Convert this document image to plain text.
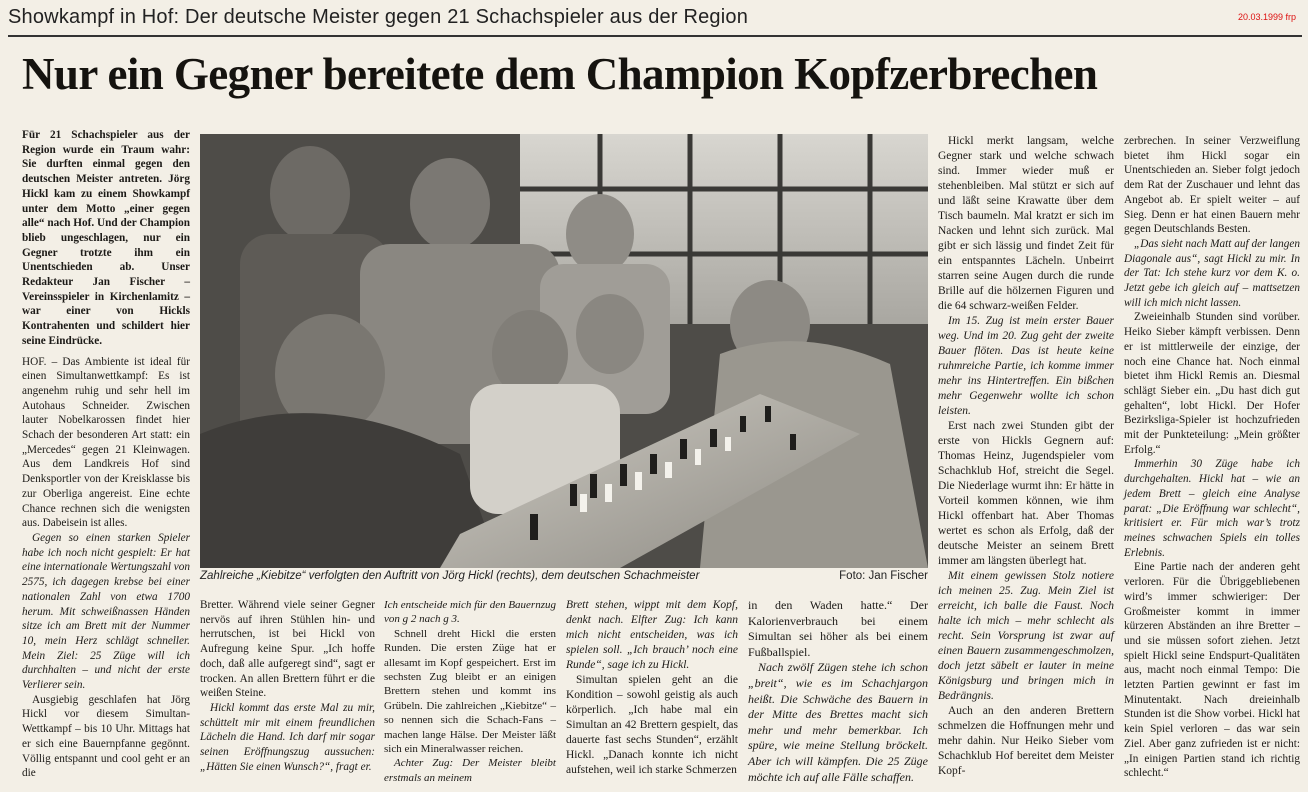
Showkampf in Hof: Der deutsche Meister gegen 21 Schachspieler aus der Region	20.03.1999 frp
Nur ein Gegner bereitete dem Champion Kopfzerbrechen

Für 21 Schachspieler aus der Region wurde ein Traum wahr: Sie durften einmal gegen den deutschen Meister antreten. Jörg Hickl kam zu einem Showkampf unter dem Motto „einer gegen alle“ nach Hof. Und der Champion blieb ungeschlagen, nur ein Gegner trotzte ihm ein Unentschieden ab. Unser Redakteur Jan Fischer – Vereinsspieler in Kirchenlamitz – war einer von Hickls Kontrahenten und schildert hier seine Eindrücke.

HOF. – Das Ambiente ist ideal für einen Simultanwettkampf: Es ist angenehm ruhig und sehr hell im Autohaus Schneider. Zwischen lauter Nobelkarossen findet hier Schach der besonderen Art statt: ein „Mercedes“ gegen 21 Kleinwagen. Aus dem Landkreis Hof sind Denksportler von der Kreisklasse bis zur Oberliga angereist. Eine echte Chance rechnen sich die wenigsten aus. Dabeisein ist alles.

Gegen so einen starken Spieler habe ich noch nicht gespielt: Er hat eine internationale Wertungszahl von 2575, ich dagegen krebse bei einer nationalen Zahl von etwa 1700 herum. Mit schweißnassen Händen sitze ich am Brett mit der Nummer 10, mein Herz schlägt schneller. Mein Ziel: 25 Züge will ich durchhalten – und nicht der erste Verlierer sein.

Ausgiebig geschlafen hat Jörg Hickl vor diesem Simultan-Wettkampf – bis 10 Uhr. Mittags hat er sich eine Bauernpfanne gegönnt. Völlig entspannt und cool geht er an die

Zahlreiche „Kiebitze“ verfolgten den Auftritt von Jörg Hickl (rechts), dem deutschen Schachmeister	Foto: Jan Fischer

Bretter. Während viele seiner Gegner nervös auf ihren Stühlen hin- und herrutschen, ist bei Hickl von Aufregung keine Spur. „Ich hoffe doch, daß alle aufgeregt sind“, sagt er trocken. An allen Brettern führt er die weißen Steine.

Hickl kommt das erste Mal zu mir, schüttelt mir mit einem freundlichen Lächeln die Hand. Ich darf mir sogar seinen Eröffnungszug aussuchen: „Hätten Sie einen Wunsch?“, fragt er.

Ich entscheide mich für den Bauernzug von g 2 nach g 3.

Schnell dreht Hickl die ersten Runden. Die ersten Züge hat er allesamt im Kopf gespeichert. Erst im sechsten Zug bleibt er an einigen Brettern stehen und kommt ins Grübeln. Die zahlreichen „Kiebitze“ – so nennen sich die Schach-Fans – machen lange Hälse. Der Meister läßt sich ein Mineralwasser reichen.

Achter Zug: Der Meister bleibt erstmals an meinem

Brett stehen, wippt mit dem Kopf, denkt nach. Elfter Zug: Ich kann mich nicht entscheiden, was ich spielen soll. „Ich brauch’ noch eine Runde“, sage ich zu Hickl.

Simultan spielen geht an die Kondition – sowohl geistig als auch körperlich. „Ich habe mal ein Simultan an 42 Brettern gespielt, das dauerte fast sechs Stunden“, erzählt Hickl. „Danach konnte ich nicht aufstehen, weil ich starke Schmerzen

in den Waden hatte.“ Der Kalorienverbrauch bei einem Simultan sei höher als bei einem Fußballspiel.

Nach zwölf Zügen stehe ich schon „breit“, wie es im Schachjargon heißt. Die Schwäche des Bauern in der Mitte des Brettes macht sich mehr und mehr bemerkbar. Ich spüre, wie meine Stellung bröckelt. Aber ich will kämpfen. Die 25 Züge möchte ich auf alle Fälle schaffen.

Hickl merkt langsam, welche Gegner stark und welche schwach sind. Immer wieder muß er stehenbleiben. Mal stützt er sich auf und läßt seine Krawatte über dem Tisch baumeln. Mal kratzt er sich im Nacken und lehnt sich zurück. Mal gibt er sich lässig und findet Zeit für ein entspanntes Lächeln. Unbeirrt starren seine Augen durch die runde Brille auf die hölzernen Figuren und die 64 schwarz-weißen Felder.

Im 15. Zug ist mein erster Bauer weg. Und im 20. Zug geht der zweite Bauer flöten. Das ist heute keine ruhmreiche Partie, ich komme immer mehr ins Hintertreffen. Ein bißchen mehr Gegenwehr wollte ich schon leisten.

Erst nach zwei Stunden gibt der erste von Hickls Gegnern auf: Thomas Heinz, Jugendspieler vom Schachklub Hof, streicht die Segel. Die Niederlage wurmt ihn: Er hätte in Vorteil kommen können, wie ihm Hickl offenbart hat. Aber Thomas wertet es schon als Erfolg, daß der deutsche Meister an seinem Brett immer am längsten überlegt hat.

Mit einem gewissen Stolz notiere ich meinen 25. Zug. Mein Ziel ist erreicht, ich balle die Faust. Noch halte ich mich – mehr schlecht als recht. Sein Vorsprung ist zwar auf einen Bauern zusammengeschmolzen, doch jetzt säbelt er lauter in meine Königsburg und bringen mich in Bedrängnis.

Auch an den anderen Brettern schmelzen die Hoffnungen mehr und mehr dahin. Nur Heiko Sieber vom Schachklub Hof bereitet dem Meister Kopf-

zerbrechen. In seiner Verzweiflung bietet ihm Hickl sogar ein Unentschieden an. Sieber folgt jedoch dem Rat der Zuschauer und lehnt das Angebot ab. Er spielt weiter – auf Sieg. Denn er hat einen Bauern mehr gegen Deutschlands Besten.

„Das sieht nach Matt auf der langen Diagonale aus“, sagt Hickl zu mir. In der Tat: Ich stehe kurz vor dem K. o. Jetzt gebe ich gleich auf – mattsetzen will ich mich nicht lassen.

Zweieinhalb Stunden sind vorüber. Heiko Sieber kämpft verbissen. Denn er ist mittlerweile der einzige, der noch eine Chance hat. Noch einmal bietet ihm Hickl Remis an. Diesmal schlägt Sieber ein. „Du hast dich gut gehalten“, lobt Hickl. Der Hofer Bezirksliga-Spieler ist hochzufrieden mit der Punkteteilung: „Mein größter Erfolg.“

Immerhin 30 Züge habe ich durchgehalten. Hickl hat – wie an jedem Brett – gleich eine Analyse parat: „Die Eröffnung war schlecht“, kritisiert er. Für mich war’s trotz meines schwachen Spiels ein tolles Erlebnis.

Eine Partie nach der anderen geht verloren. Für die Übriggebliebenen wird’s immer schwieriger: Der Großmeister kommt in immer kürzeren Abständen an ihre Bretter – und sie müssen sofort ziehen. Jetzt spielt Hickl seine Endspurt-Qualitäten aus, macht noch einmal Tempo: Die letzten Partien gewinnt er fast im Minutentakt. Nach dreieinhalb Stunden ist die Show vorbei. Hickl hat kein Spiel verloren – das war sein Ziel. Aber ganz zufrieden ist er nicht: „In einigen Partien stand ich richtig schlecht.“
